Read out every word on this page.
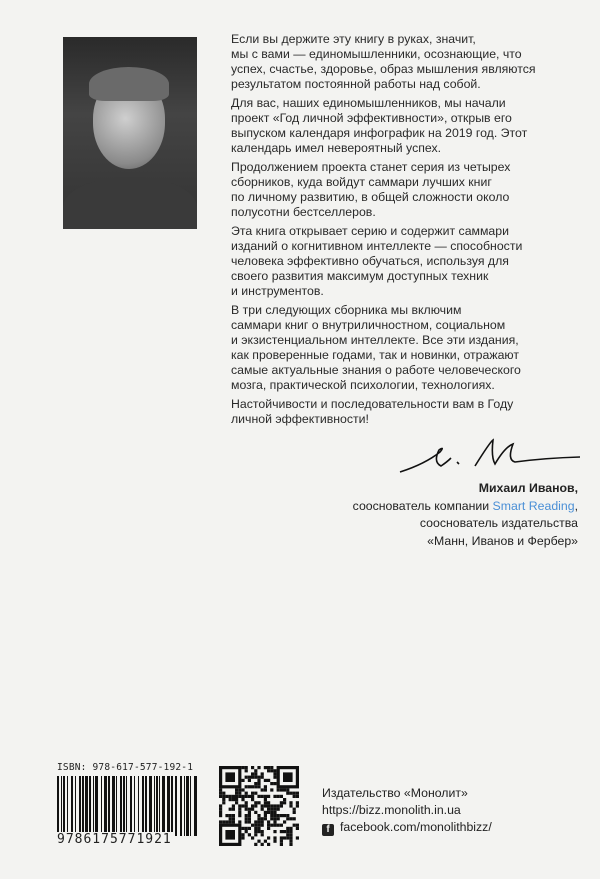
Если вы держите эту книгу в руках, значит,
мы с вами — единомышленники, осознающие, что
успех, счастье, здоровье, образ мышления являются
результатом постоянной работы над собой.

Для вас, наших единомышленников, мы начали
проект «Год личной эффективности», открыв его
выпуском календаря инфографик на 2019 год. Этот
календарь имел невероятный успех.

Продолжением проекта станет серия из четырех
сборников, куда войдут саммари лучших книг
по личному развитию, в общей сложности около
полусотни бестселлеров.

Эта книга открывает серию и содержит саммари
изданий о когнитивном интеллекте — способности
человека эффективно обучаться, используя для
своего развития максимум доступных техник
и инструментов.

В три следующих сборника мы включим
саммари книг о внутриличностном, социальном
и экзистенциальном интеллекте. Все эти издания,
как проверенные годами, так и новинки, отражают
самые актуальные знания о работе человеческого
мозга, практической психологии, технологиях.

Настойчивости и последовательности вам в Году
личной эффективности!

Михаил Иванов,
сооснователь компании Smart Reading,
сооснователь издательства
«Манн, Иванов и Фербер»
ISBN: 978-617-577-192-1
9786175771921
Издательство «Монолит»
https://bizz.monolith.in.ua
f facebook.com/monolithbizz/
